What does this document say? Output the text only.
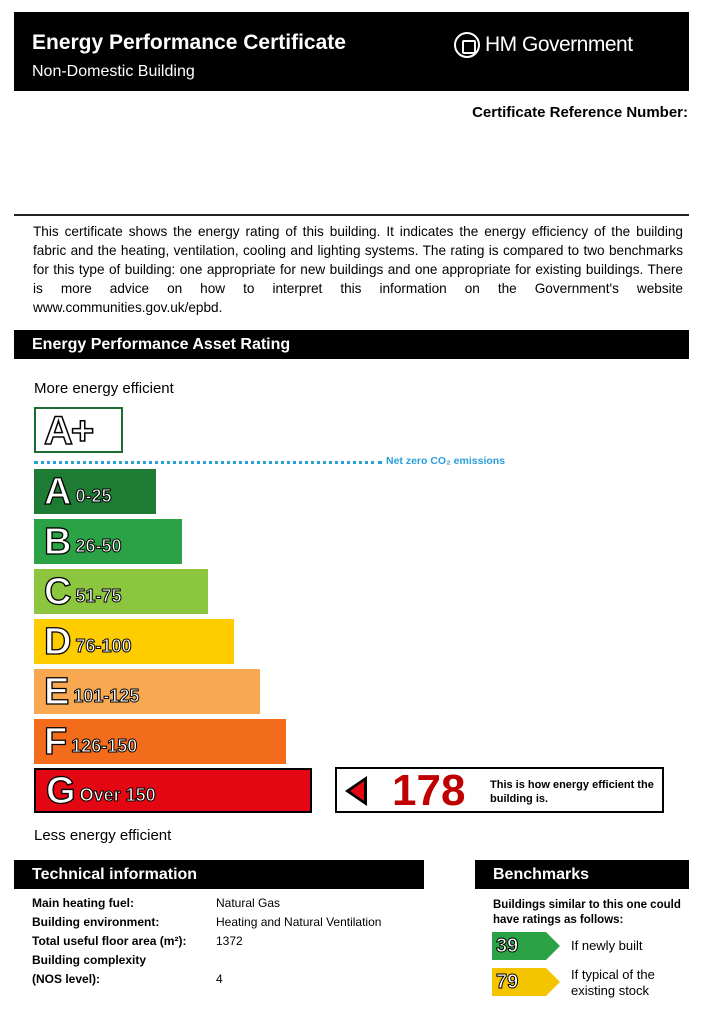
Energy Performance Certificate
Non-Domestic Building
HM Government
Certificate Reference Number:
This certificate shows the energy rating of this building. It indicates the energy efficiency of the building fabric and the heating, ventilation, cooling and lighting systems. The rating is compared to two benchmarks for this type of building: one appropriate for new buildings and one appropriate for existing buildings. There is more advice on how to interpret this information on the Government's website www.communities.gov.uk/epbd.
Energy Performance Asset Rating
More energy efficient
A+
Net zero CO₂ emissions
A 0-25
B 26-50
C 51-75
D 76-100
E 101-125
F 126-150
G Over 150	178 This is how energy efficient the building is.
Less energy efficient
Technical information
Main heating fuel:	Natural Gas
Building environment:	Heating and Natural Ventilation
Total useful floor area (m²): 1372
Building complexity
(NOS level):	4
Benchmarks
Buildings similar to this one could have ratings as follows:
39	If newly built
79	If typical of the existing stock
